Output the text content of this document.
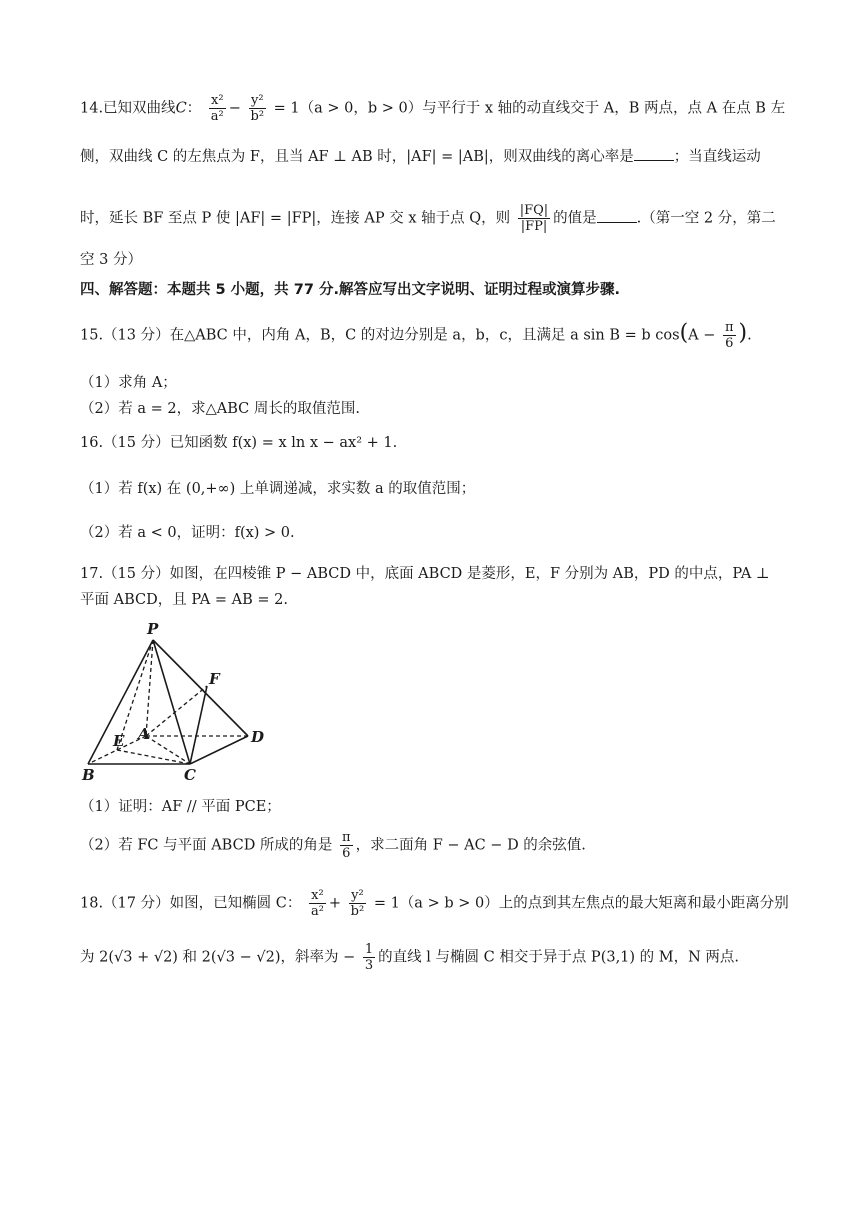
14.已知双曲线C： $\frac{\text{x²}}{\text{a²}} - \frac{\text{y²}}{\text{b²}} = 1(a > 0$，b > 0）与平行于 x 轴的动直线交于 A，B 两点，点 A 在点 B 左
侧，双曲线 C 的左焦点为 F，且当 AF ⊥ AB 时，|AF| = |AB|，则双曲线的离心率是	；当直线运动
时，延长 BF 至点 P 使 |AF| = |FP|，连接 AP 交 x 轴于点 Q，则 $\frac{|FQ|}{|FP|}$ 的值是	.（第一空 2 分，第二
空 3 分）
四、解答题：本题共 5 小题，共 77 分.解答应写出文字说明、证明过程或演算步骤.
15.（13 分）在△ABC 中，内角 A，B，C 的对边分别是 a，b，c，且满足 a sin B = b $\cos(A - \frac{\pi}{6}$ ).
（1）求角 A；
（2）若 a = 2，求△ABC 周长的取值范围.
16.（15 分）已知函数 f(x) = x ln x − ax² + 1.
（1）若 f(x) 在 (0,+∞) 上单调递减，求实数 a 的取值范围；
（2）若 a < 0，证明：f(x) > 0.
17.（15 分）如图，在四棱锥 P − ABCD 中，底面 ABCD 是菱形，E，F 分别为 AB，PD 的中点，PA ⊥
平面 ABCD，且 PA = AB = 2.
P
F
A
E	D
B	C
（1）证明：AF // 平面 PCE；
（2）若 FC 与平面 ABCD 所成的角是 $\frac{\pi}{6}$ ，求二面角 F − AC − D 的余弦值.
18.（17 分）如图，已知椭圆 C： $\frac{\text{x²}}{\text{a²}} + \frac{\text{y²}}{\text{b²}} = 1(a > b > 0)$上的点到其左焦点的最大矩离和最小距离分别
为 2(√3 + √2) 和 2(√3 − √2)，斜率为 − $\frac{1}{3}$ 的直线 l 与椭圆 C 相交于异于点 P(3,1) 的 M，N 两点.
